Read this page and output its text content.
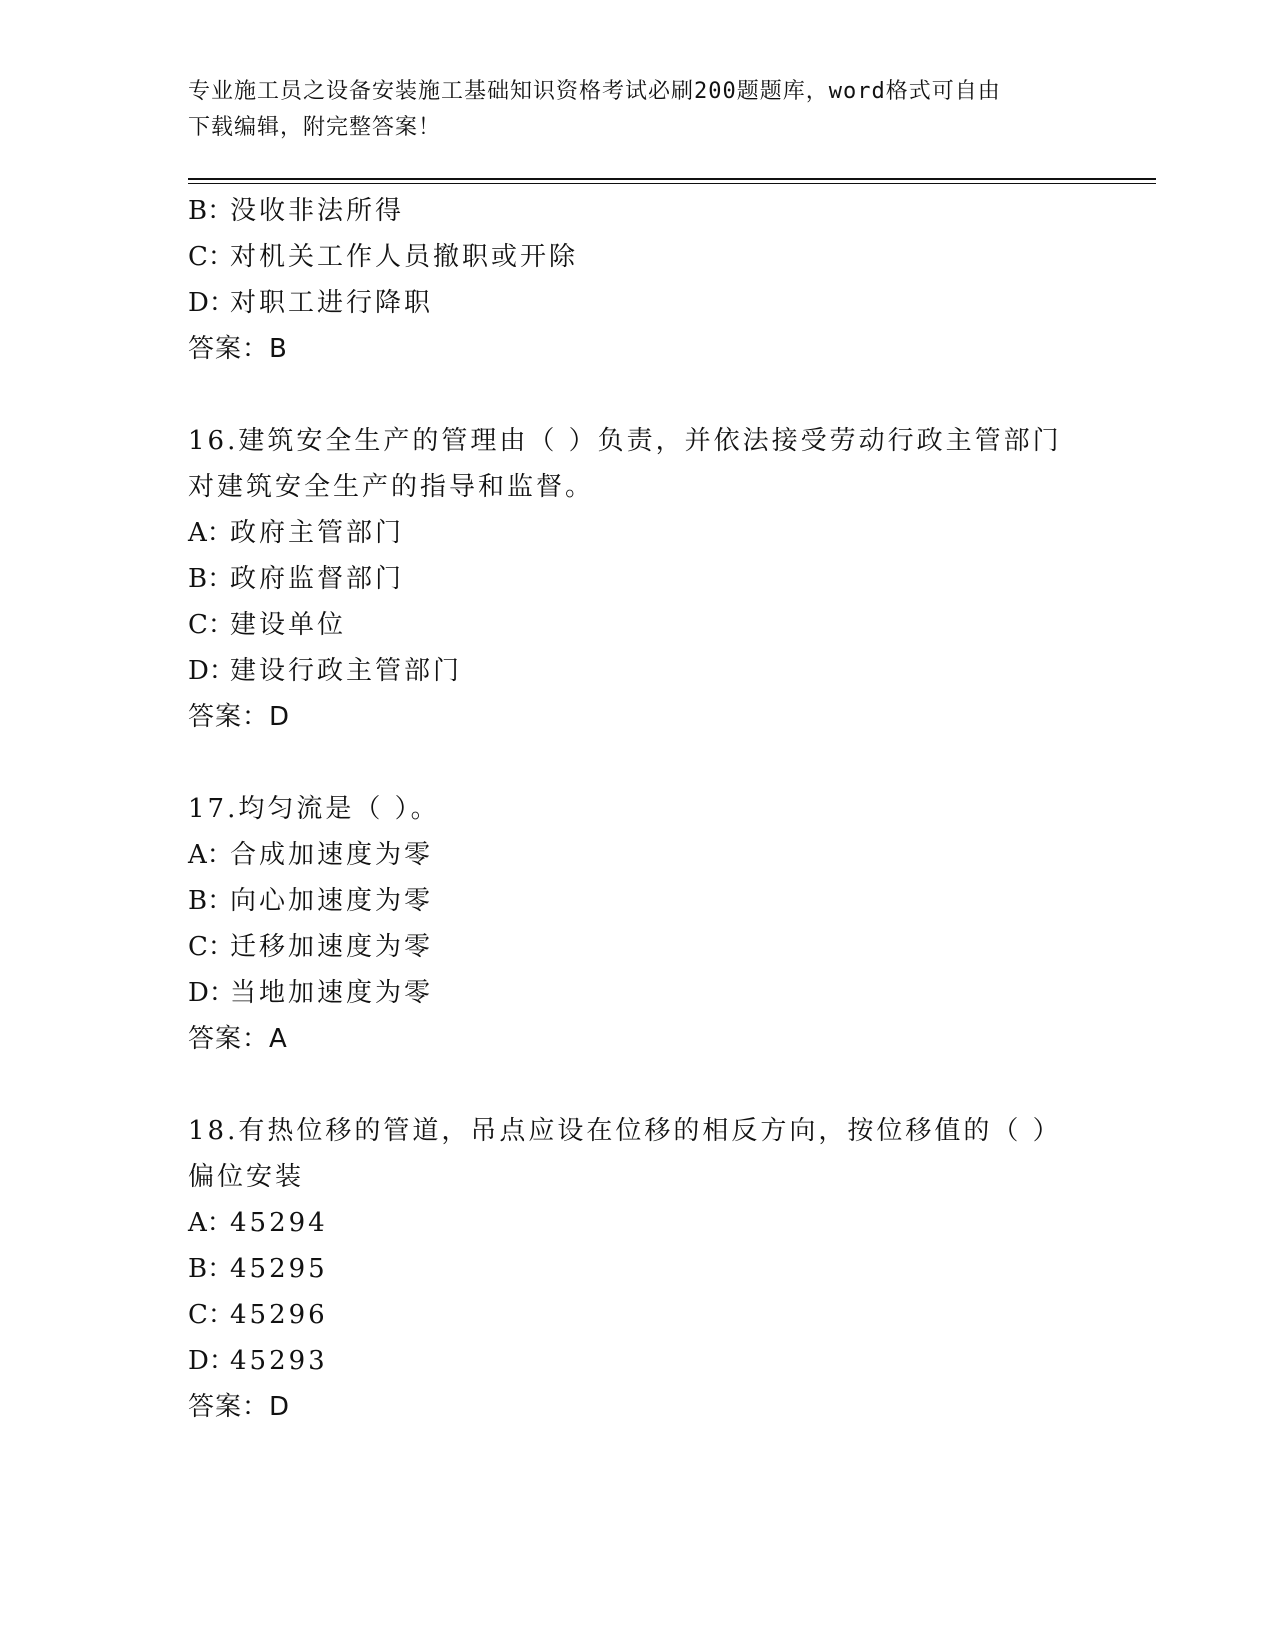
专业施工员之设备安装施工基础知识资格考试必刷200题题库，word格式可自由
下载编辑，附完整答案！
B：没收非法所得
C：对机关工作人员撤职或开除
D：对职工进行降职
答案：B
16.建筑安全生产的管理由（ ）负责，并依法接受劳动行政主管部门
对建筑安全生产的指导和监督。
A：政府主管部门
B：政府监督部门
C：建设单位
D：建设行政主管部门
答案：D
17.均匀流是（ ）。
A：合成加速度为零
B：向心加速度为零
C：迁移加速度为零
D：当地加速度为零
答案：A
18.有热位移的管道，吊点应设在位移的相反方向，按位移值的（ ）
偏位安装
A：45294
B：45295
C：45296
D：45293
答案：D
